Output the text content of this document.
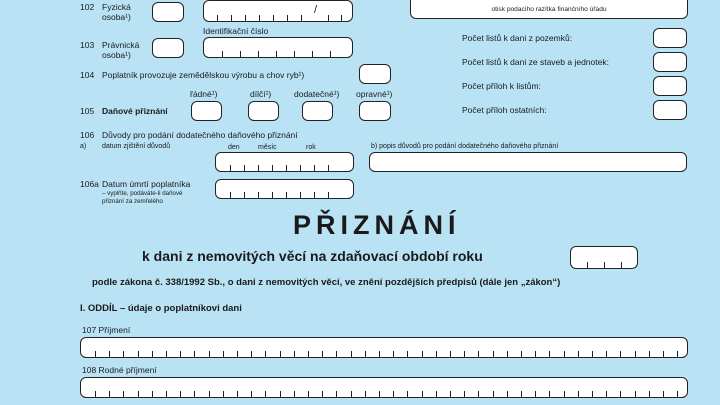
otisk podacího razítka finančního úřadu
102 Fyzická
osoba¹)
/
103 Právnická
osoba¹)
Identifikační číslo
104 Poplatník provozuje zemědělskou výrobu a chov ryb¹)
105 Daňové přiznání
řádné¹)	dílčí¹)	dodatečné¹) opravné¹)
106 Důvody pro podání dodatečného daňového přiznání
a) datum zjištění důvodů	den	měsíc	rok	b) popis důvodů pro podání dodatečného daňového přiznání
106a Datum úmrtí poplatníka
– vyplňte, podáváte-li daňové
přiznání za zemřelého
Počet listů k dani z pozemků:
Počet listů k dani ze staveb a jednotek:
Počet příloh k listům:
Počet příloh ostatních:
PŘIZNÁNÍ
k dani z nemovitých věcí na zdaňovací období roku
podle zákona č. 338/1992 Sb., o dani z nemovitých věcí, ve znění pozdějších předpisů (dále jen „zákon“)
I. ODDÍL – údaje o poplatníkovi dani
107 Příjmení
108 Rodné příjmení
